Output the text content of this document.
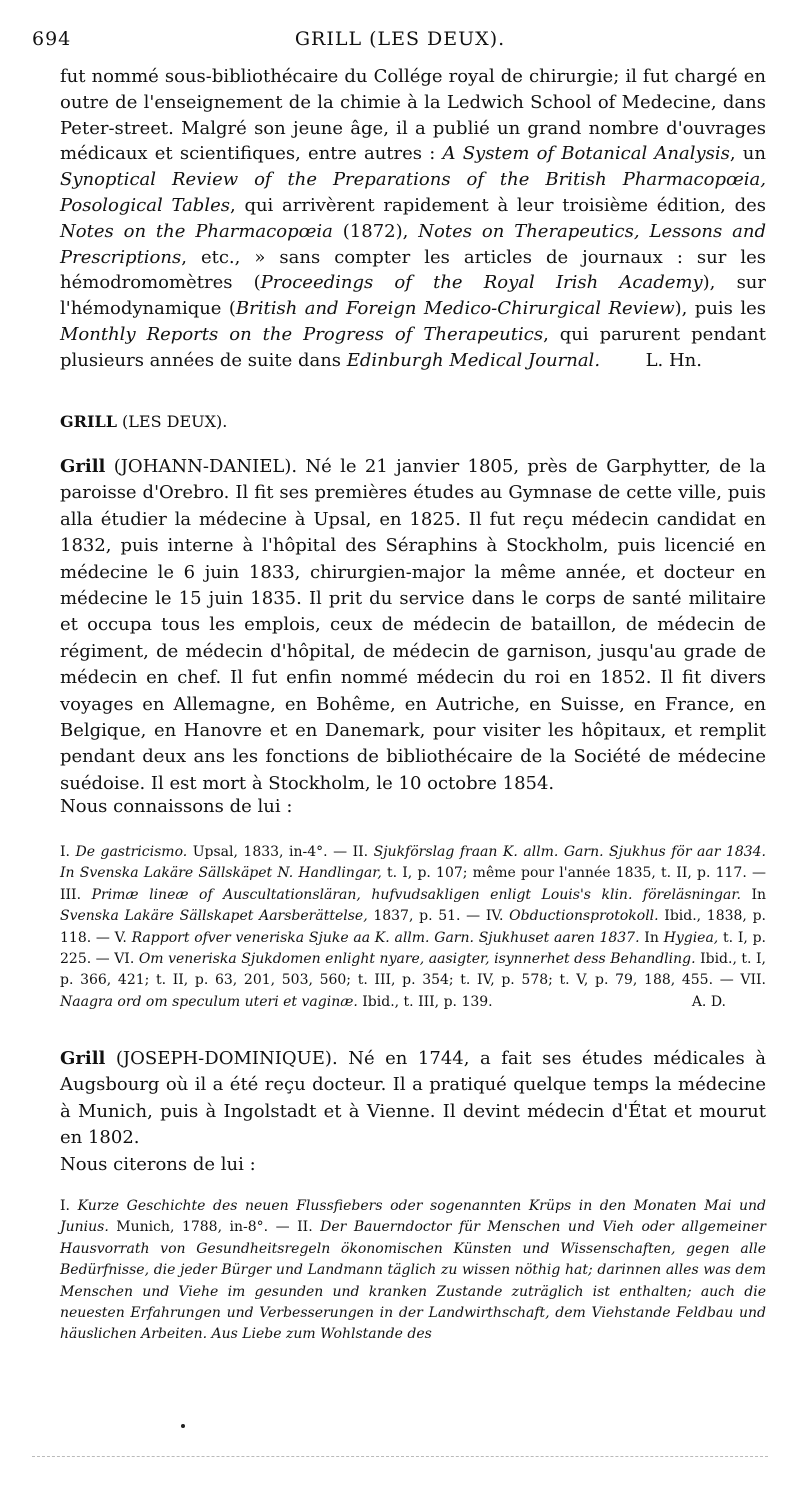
694	GRILL (LES DEUX).

fut nommé sous-bibliothécaire du Collége royal de chirurgie; il fut chargé en outre de l'enseignement de la chimie à la Ledwich School of Medecine, dans Peter-street. Malgré son jeune âge, il a publié un grand nombre d'ouvrages médicaux et scientifiques, entre autres : A System of Botanical Analysis, un Synoptical Review of the Preparations of the British Pharmacopœia, Posological Tables, qui arrivèrent rapidement à leur troisième édition, des Notes on the Pharmacopœia (1872), Notes on Therapeutics, Lessons and Prescriptions, etc., » sans compter les articles de journaux : sur les hémodromomètres (Proceedings of the Royal Irish Academy), sur l'hémodynamique (British and Foreign Medico-Chirurgical Review), puis les Monthly Reports on the Progress of Therapeutics, qui parurent pendant plusieurs années de suite dans Edinburgh Medical Journal.	L. Hn.

GRILL (LES DEUX).

Grill (JOHANN-DANIEL). Né le 21 janvier 1805, près de Garphytter, de la paroisse d'Orebro. Il fit ses premières études au Gymnase de cette ville, puis alla étudier la médecine à Upsal, en 1825. Il fut reçu médecin candidat en 1832, puis interne à l'hôpital des Séraphins à Stockholm, puis licencié en médecine le 6 juin 1833, chirurgien-major la même année, et docteur en médecine le 15 juin 1835. Il prit du service dans le corps de santé militaire et occupa tous les emplois, ceux de médecin de bataillon, de médecin de régiment, de médecin d'hôpital, de médecin de garnison, jusqu'au grade de médecin en chef. Il fut enfin nommé médecin du roi en 1852. Il fit divers voyages en Allemagne, en Bohême, en Autriche, en Suisse, en France, en Belgique, en Hanovre et en Danemark, pour visiter les hôpitaux, et remplit pendant deux ans les fonctions de bibliothécaire de la Société de médecine suédoise. Il est mort à Stockholm, le 10 octobre 1854.

Nous connaissons de lui :

I. De gastricismo. Upsal, 1833, in-4°. — II. Sjukförslag fraan K. allm. Garn. Sjukhus för aar 1834. In Svenska Lakäre Sällskäpet N. Handlingar, t. I, p. 107; même pour l'année 1835, t. II, p. 117. — III. Primæ lineæ of Auscultationsläran, hufvudsakligen enligt Louis's klin. föreläsningar. In Svenska Lakäre Sällskapet Aarsberättelse, 1837, p. 51. — IV. Obductionsprotokoll. Ibid., 1838, p. 118. — V. Rapport ofver veneriska Sjuke aa K. allm. Garn. Sjukhuset aaren 1837. In Hygiea, t. I, p. 225. — VI. Om veneriska Sjukdomen enlight nyare, aasigter, isynnerhet dess Behandling. Ibid., t. I, p. 366, 421; t. II, p. 63, 201, 503, 560; t. III, p. 354; t. IV, p. 578; t. V, p. 79, 188, 455. — VII. Naagra ord om speculum uteri et vaginæ. Ibid., t. III, p. 139.	A. D.

Grill (JOSEPH-DOMINIQUE). Né en 1744, a fait ses études médicales à Augsbourg où il a été reçu docteur. Il a pratiqué quelque temps la médecine à Munich, puis à Ingolstadt et à Vienne. Il devint médecin d'État et mourut en 1802.

Nous citerons de lui :

I. Kurze Geschichte des neuen Flussfiebers oder sogenannten Krüps in den Monaten Mai und Junius. Munich, 1788, in-8°. — II. Der Bauerndoctor für Menschen und Vieh oder allgemeiner Hausvorrath von Gesundheitsregeln ökonomischen Künsten und Wissenschaften, gegen alle Bedürfnisse, die jeder Bürger und Landmann täglich zu wissen nöthig hat; darinnen alles was dem Menschen und Viehe im gesunden und kranken Zustande zuträglich ist enthalten; auch die neuesten Erfahrungen und Verbesserungen in der Landwirthschaft, dem Viehstande Feldbau und häuslichen Arbeiten. Aus Liebe zum Wohlstande des
